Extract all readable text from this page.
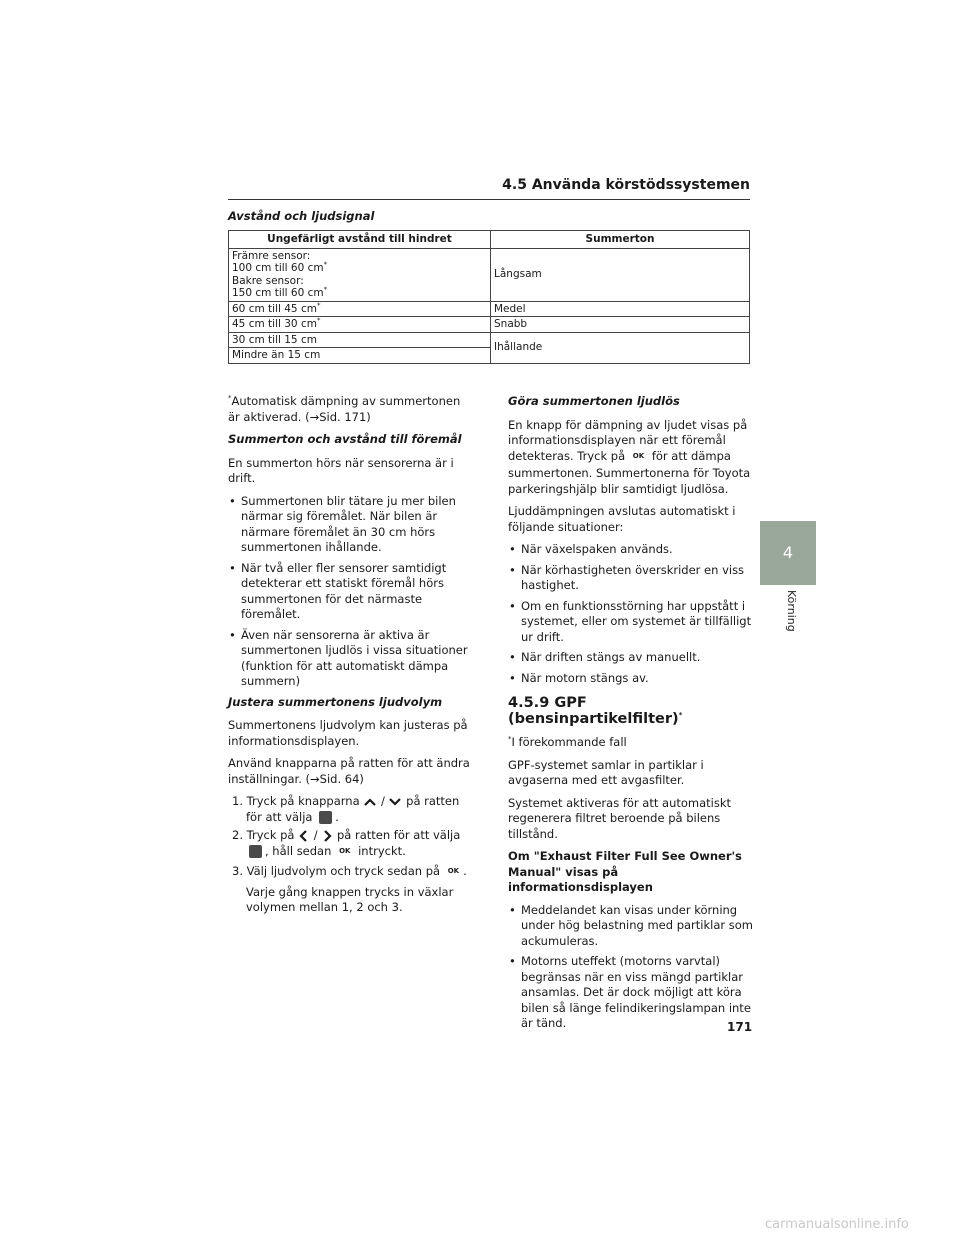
4.5 Använda körstödssystemen
Avstånd och ljudsignal
Ungefärligt avstånd till hindret	Summerton

Främre sensor:
100 cm till 60 cm*
Bakre sensor:
150 cm till 60 cm*	Långsam
60 cm till 45 cm*	Medel
45 cm till 30 cm*	Snabb
30 cm till 15 cm	Ihållande
Mindre än 15 cm	

*Automatisk dämpning av summertonen är aktiverad. (→Sid. 171)

Summerton och avstånd till föremål

En summerton hörs när sensorerna är i drift.

• Summertonen blir tätare ju mer bilen närmar sig föremålet. När bilen är närmare föremålet än 30 cm hörs summertonen ihållande.
• När två eller fler sensorer samtidigt detekterar ett statiskt föremål hörs summertonen för det närmaste föremålet.
• Även när sensorerna är aktiva är summertonen ljudlös i vissa situationer (funktion för att automatiskt dämpa summern)

Justera summertonens ljudvolym

Summertonens ljudvolym kan justeras på informationsdisplayen.

Använd knapparna på ratten för att ändra inställningar. (→Sid. 64)

1. Tryck på knapparna / på ratten för att välja .
2. Tryck på / på ratten för att välja , håll sedan OK intryckt.
3. Välj ljudvolym och tryck sedan på OK .
Varje gång knappen trycks in växlar volymen mellan 1, 2 och 3.

Göra summertonen ljudlös

En knapp för dämpning av ljudet visas på informationsdisplayen när ett föremål detekteras. Tryck på OK för att dämpa summertonen. Summertonerna för Toyota parkeringshjälp blir samtidigt ljudlösa.

Ljuddämpningen avslutas automatiskt i följande situationer:

• När växelspaken används.
• När körhastigheten överskrider en viss hastighet.
• Om en funktionsstörning har uppstått i systemet, eller om systemet är tillfälligt ur drift.
• När driften stängs av manuellt.
• När motorn stängs av.
4.5.9 GPF (bensinpartikelfilter)*

*I förekommande fall

GPF-systemet samlar in partiklar i avgaserna med ett avgasfilter.

Systemet aktiveras för att automatiskt regenerera filtret beroende på bilens tillstånd.

Om "Exhaust Filter Full See Owner's Manual" visas på informationsdisplayen

• Meddelandet kan visas under körning under hög belastning med partiklar som ackumuleras.
• Motorns uteffekt (motorns varvtal) begränsas när en viss mängd partiklar ansamlas. Det är dock möjligt att köra bilen så länge felindikeringslampan inte är tänd.
4
Körning
171
carmanualsonline.info
